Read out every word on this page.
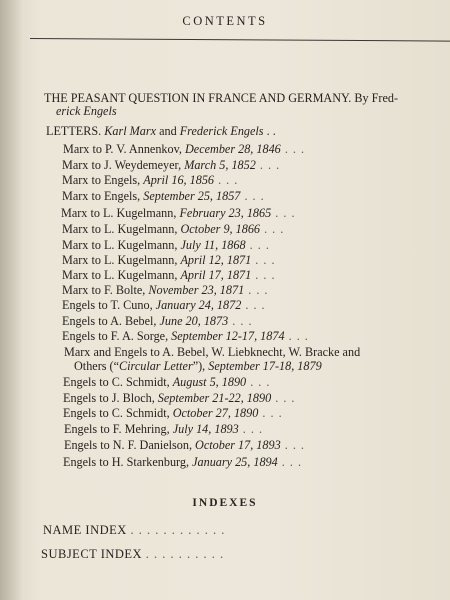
CONTENTS
THE PEASANT QUESTION IN FRANCE AND GERMANY. By Fred-
erick Engels
LETTERS. Karl Marx and Frederick Engels . .
Marx to P. V. Annenkov, December 28, 1846 . . .
Marx to J. Weydemeyer, March 5, 1852 . . .
Marx to Engels, April 16, 1856 . . .
Marx to Engels, September 25, 1857 . . .
Marx to L. Kugelmann, February 23, 1865 . . .
Marx to L. Kugelmann, October 9, 1866 . . .
Marx to L. Kugelmann, July 11, 1868 . . .
Marx to L. Kugelmann, April 12, 1871 . . .
Marx to L. Kugelmann, April 17, 1871 . . .
Marx to F. Bolte, November 23, 1871 . . .
Engels to T. Cuno, January 24, 1872 . . .
Engels to A. Bebel, June 20, 1873 . . .
Engels to F. A. Sorge, September 12-17, 1874 . . .
Marx and Engels to A. Bebel, W. Liebknecht, W. Bracke and
Others (“Circular Letter”), September 17-18, 1879
Engels to C. Schmidt, August 5, 1890 . . .
Engels to J. Bloch, September 21-22, 1890 . . .
Engels to C. Schmidt, October 27, 1890 . . .
Engels to F. Mehring, July 14, 1893 . . .
Engels to N. F. Danielson, October 17, 1893 . . .
Engels to H. Starkenburg, January 25, 1894 . . .
INDEXES
NAME INDEX . . . . . . . . . . . .
SUBJECT INDEX . . . . . . . . . .
